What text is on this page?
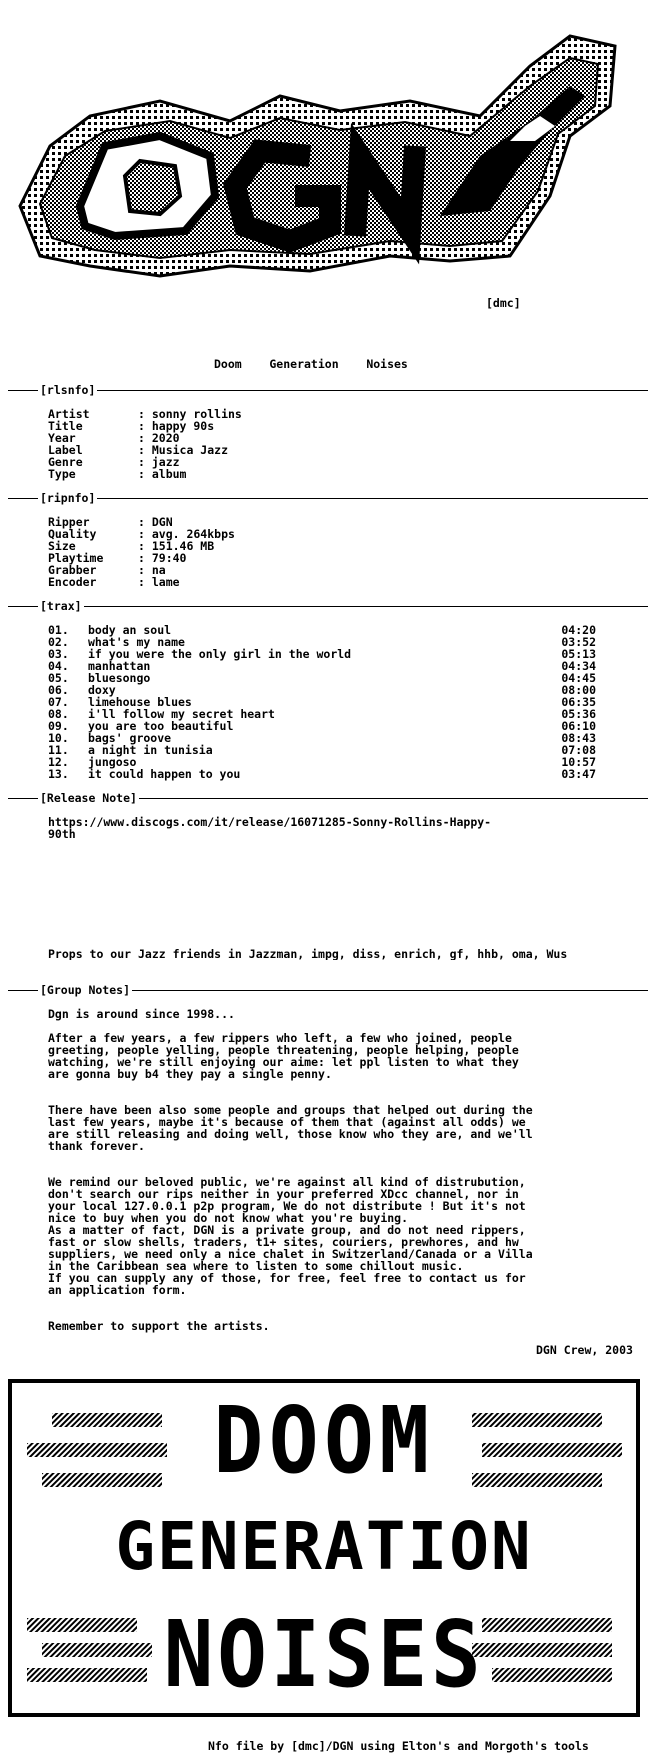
[dmc]
Doom    Generation    Noises
[rlsnfo]
Artist	: sonny rollins
Title	: happy 90s
Year	: 2020
Label	: Musica Jazz
Genre	: jazz
Type	: album
[ripnfo]
Ripper	: DGN
Quality	: avg. 264kbps
Size	: 151.46 MB
Playtime	: 79:40
Grabber	: na
Encoder	: lame
[trax]
01. body an soul	04:20
02. what's my name	03:52
03. if you were the only girl in the world	05:13
04. manhattan	04:34
05. bluesongo	04:45
06. doxy	08:00
07. limehouse blues	06:35
08. i'll follow my secret heart	05:36
09. you are too beautiful	06:10
10. bags' groove	08:43
11. a night in tunisia	07:08
12. jungoso	10:57
13. it could happen to you	03:47
[Release Note]
https://www.discogs.com/it/release/16071285-Sonny-Rollins-Happy-
90th
Props to our Jazz friends in Jazzman, impg, diss, enrich, gf, hhb, oma, Wus
[Group Notes]
Dgn is around since 1998...
After a few years, a few rippers who left, a few who joined, people
greeting, people yelling, people threatening, people helping, people
watching, we're still enjoying our aime: let ppl listen to what they
are gonna buy b4 they pay a single penny.
There have been also some people and groups that helped out during the
last few years, maybe it's because of them that (against all odds) we
are still releasing and doing well, those know who they are, and we'll
thank forever.
We remind our beloved public, we're against all kind of distrubution,
don't search our rips neither in your preferred XDcc channel, nor in
your local 127.0.0.1 p2p program, We do not distribute ! But it's not
nice to buy when you do not know what you're buying.
As a matter of fact, DGN is a private group, and do not need rippers,
fast or slow shells, traders, t1+ sites, couriers, prewhores, and hw
suppliers, we need only a nice chalet in Switzerland/Canada or a Villa
in the Caribbean sea where to listen to some chillout music.
If you can supply any of those, for free, feel free to contact us for
an application form.
Remember to support the artists.
DGN Crew, 2003
DOOM
GENERATION
NOISES
Nfo file by [dmc]/DGN using Elton's and Morgoth's tools
